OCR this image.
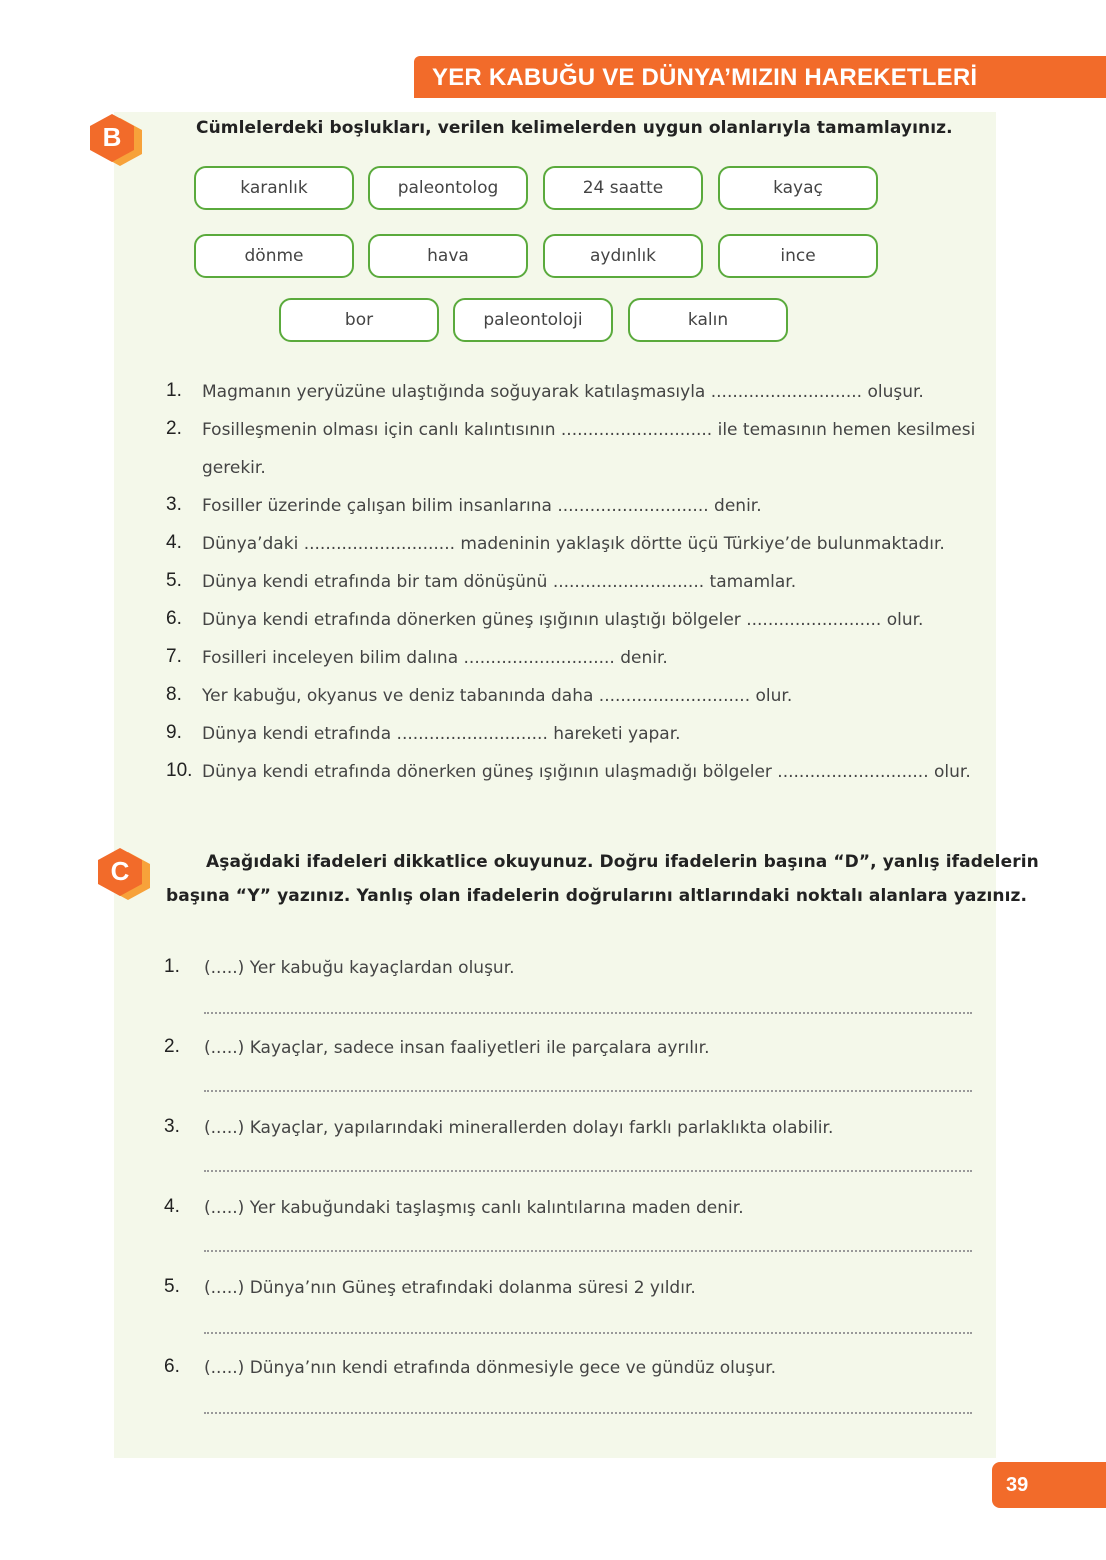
YER KABUĞU VE DÜNYA’MIZIN HAREKETLERİ
B	Cümlelerdeki boşlukları, verilen kelimelerden uygun olanlarıyla tamamlayınız.
karanlık	paleontolog	24 saatte	kayaç
dönme	hava	aydınlık	ince
bor	paleontoloji	kalın
1.	Magmanın yeryüzüne ulaştığında soğuyarak katılaşmasıyla ............................ oluşur.
2.	Fosilleşmenin olması için canlı kalıntısının ............................ ile temasının hemen kesilmesi
gerekir.
3.	Fosiller üzerinde çalışan bilim insanlarına ............................ denir.
4.	Dünya’daki ............................ madeninin yaklaşık dörtte üçü Türkiye’de bulunmaktadır.
5.	Dünya kendi etrafında bir tam dönüşünü ............................ tamamlar.
6.	Dünya kendi etrafında dönerken güneş ışığının ulaştığı bölgeler ......................... olur.
7.	Fosilleri inceleyen bilim dalına ............................ denir.
8.	Yer kabuğu, okyanus ve deniz tabanında daha ............................ olur.
9.	Dünya kendi etrafında ............................ hareketi yapar.
10. Dünya kendi etrafında dönerken güneş ışığının ulaşmadığı bölgeler ............................ olur.
C	Aşağıdaki ifadeleri dikkatlice okuyunuz. Doğru ifadelerin başına “D”, yanlış ifadelerin
başına “Y” yazınız. Yanlış olan ifadelerin doğrularını altlarındaki noktalı alanlara yazınız.
1.	(.....) Yer kabuğu kayaçlardan oluşur.
2.	(.....) Kayaçlar, sadece insan faaliyetleri ile parçalara ayrılır.
3.	(.....) Kayaçlar, yapılarındaki minerallerden dolayı farklı parlaklıkta olabilir.
4.	(.....) Yer kabuğundaki taşlaşmış canlı kalıntılarına maden denir.
5.	(.....) Dünya’nın Güneş etrafındaki dolanma süresi 2 yıldır.
6.	(.....) Dünya’nın kendi etrafında dönmesiyle gece ve gündüz oluşur.
39
